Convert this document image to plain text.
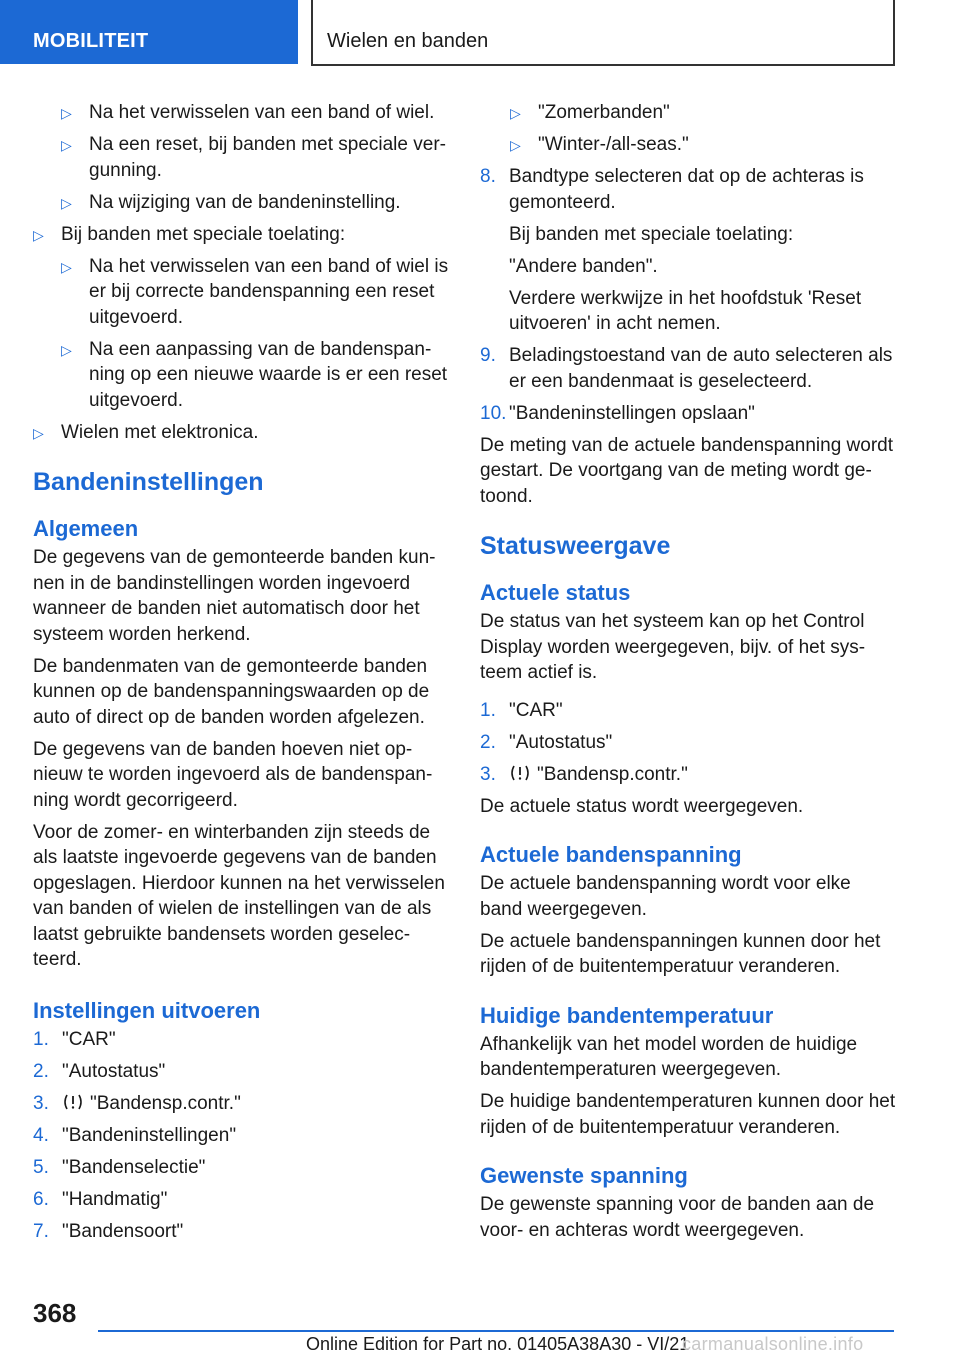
MOBILITEIT	Wielen en banden
▷ Na het verwisselen van een band of wiel.
▷ Na een reset, bij banden met speciale ver-gunning.
▷ Na wijziging van de bandeninstelling.
▷ Bij banden met speciale toelating:
▷ Na het verwisselen van een band of wiel is er bij correcte bandenspanning een reset uitgevoerd.
▷ Na een aanpassing van de bandenspan-ning op een nieuwe waarde is er een reset uitgevoerd.
▷ Wielen met elektronica.
Bandeninstellingen
Algemeen

De gegevens van de gemonteerde banden kun-nen in de bandinstellingen worden ingevoerd wanneer de banden niet automatisch door het systeem worden herkend.

De bandenmaten van de gemonteerde banden kunnen op de bandenspanningswaarden op de auto of direct op de banden worden afgelezen.

De gegevens van de banden hoeven niet op-nieuw te worden ingevoerd als de bandenspan-ning wordt gecorrigeerd.

Voor de zomer- en winterbanden zijn steeds de als laatste ingevoerde gegevens van de banden opgeslagen. Hierdoor kunnen na het verwisselen van banden of wielen de instellingen van de als laatst gebruikte bandensets worden geselec-teerd.

Instellingen uitvoeren
1. "CAR"
2. "Autostatus"
3. "Bandensp.contr."
4. "Bandeninstellingen"
5. "Bandenselectie"
6. "Handmatig"
7. "Bandensoort"
▷ "Zomerbanden"
▷ "Winter-/all-seas."
8. Bandtype selecteren dat op de achteras is gemonteerd.

Bij banden met speciale toelating:

"Andere banden".

Verdere werkwijze in het hoofdstuk 'Reset uitvoeren' in acht nemen.

9. Beladingstoestand van de auto selecteren als er een bandenmaat is geselecteerd.
10. "Bandeninstellingen opslaan"

De meting van de actuele bandenspanning wordt gestart. De voortgang van de meting wordt ge-toond.

Statusweergave
Actuele status

De status van het systeem kan op het Control Display worden weergegeven, bijv. of het sys-teem actief is.

1. "CAR"
2. "Autostatus"
3. "Bandensp.contr."

De actuele status wordt weergegeven.

Actuele bandenspanning

De actuele bandenspanning wordt voor elke band weergegeven.

De actuele bandenspanningen kunnen door het rijden of de buitentemperatuur veranderen.

Huidige bandentemperatuur

Afhankelijk van het model worden de huidige bandentemperaturen weergegeven.

De huidige bandentemperaturen kunnen door het rijden of de buitentemperatuur veranderen.

Gewenste spanning

De gewenste spanning voor de banden aan de voor- en achteras wordt weergegeven.

368
Online Edition for Part no. 01405A38A30 - VI/21
carmanualsonline.info
